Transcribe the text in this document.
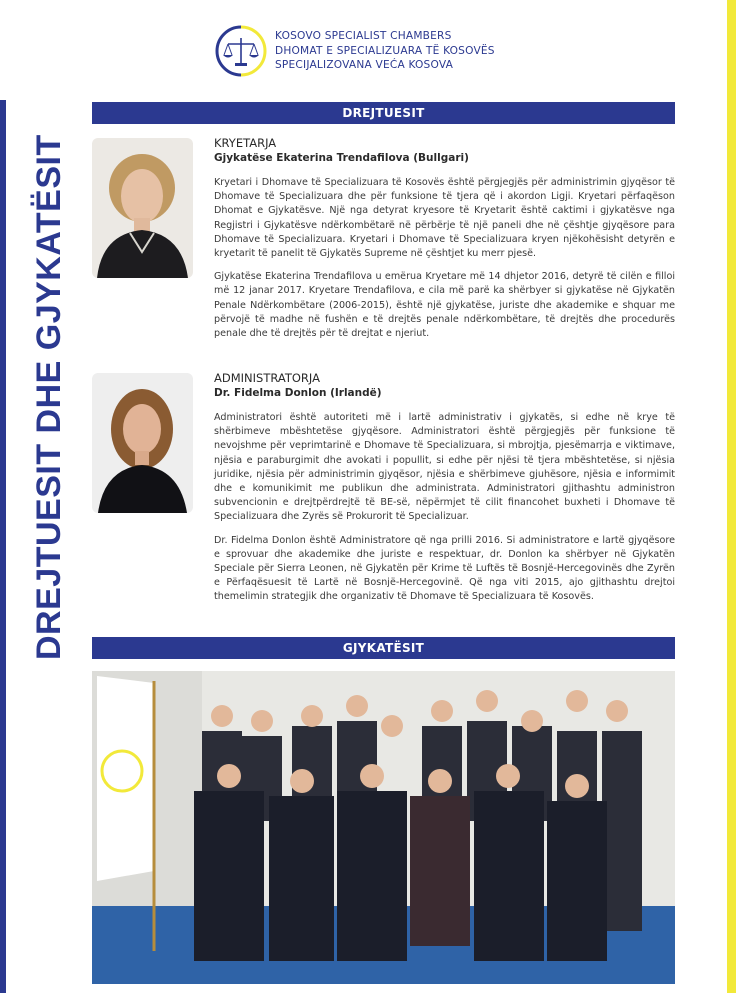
DREJTUESIT DHE GJYKATËSIT
KOSOVO SPECIALIST CHAMBERS
DHOMAT E SPECIALIZUARA TË KOSOVËS
SPECIJALIZOVANA VEĆA KOSOVA
DREJTUESIT
KRYETARJA
Gjykatëse Ekaterina Trendafilova (Bullgari)

Kryetari i Dhomave të Specializuara të Kosovës është përgjegjës për administrimin gjyqësor të Dhomave të Specializuara dhe për funksione të tjera që i akordon Ligji. Kryetari përfaqëson Dhomat e Gjykatësve. Një nga detyrat kryesore të Kryetarit është caktimi i gjykatësve nga Regjistri i Gjykatësve ndërkombëtarë në përbërje të një paneli dhe në çështje gjyqësore para Dhomave të Specializuara. Kryetari i Dhomave të Specializuara kryen njëkohësisht detyrën e kryetarit të panelit të Gjykatës Supreme në çështjet ku merr pjesë.

Gjykatëse Ekaterina Trendafilova u emërua Kryetare më 14 dhjetor 2016, detyrë të cilën e filloi më 12 janar 2017. Kryetare Trendafilova, e cila më parë ka shërbyer si gjykatëse në Gjykatën Penale Ndërkombëtare (2006-2015), është një gjykatëse, juriste dhe akademike e shquar me përvojë të madhe në fushën e të drejtës penale ndërkombëtare, të drejtës dhe procedurës penale dhe të drejtës për të drejtat e njeriut.

ADMINISTRATORJA
Dr. Fidelma Donlon (Irlandë)

Administratori është autoriteti më i lartë administrativ i gjykatës, si edhe në krye të shërbimeve mbështetëse gjyqësore. Administratori është përgjegjës për funksione të nevojshme për veprimtarinë e Dhomave të Specializuara, si mbrojtja, pjesëmarrja e viktimave, njësia e paraburgimit dhe avokati i popullit, si edhe për njësi të tjera mbështetëse, si njësia juridike, njësia për administrimin gjyqësor, njësia e shërbimeve gjuhësore, njësia e informimit dhe e komunikimit me publikun dhe administrata. Administratori gjithashtu administron subvencionin e drejtpërdrejtë të BE-së, nëpërmjet të cilit financohet buxheti i Dhomave të Specializuara dhe Zyrës së Prokurorit të Specializuar.

Dr. Fidelma Donlon është Administratore që nga prilli 2016. Si administratore e lartë gjyqësore e sprovuar dhe akademike dhe juriste e respektuar, dr. Donlon ka shërbyer në Gjykatën Speciale për Sierra Leonen, në Gjykatën për Krime të Luftës të Bosnjë-Hercegovinës dhe Zyrën e Përfaqësuesit të Lartë në Bosnjë-Hercegovinë. Që nga viti 2015, ajo gjithashtu drejtoi themelimin strategjik dhe organizativ të Dhomave të Specializuara të Kosovës.

GJYKATËSIT
